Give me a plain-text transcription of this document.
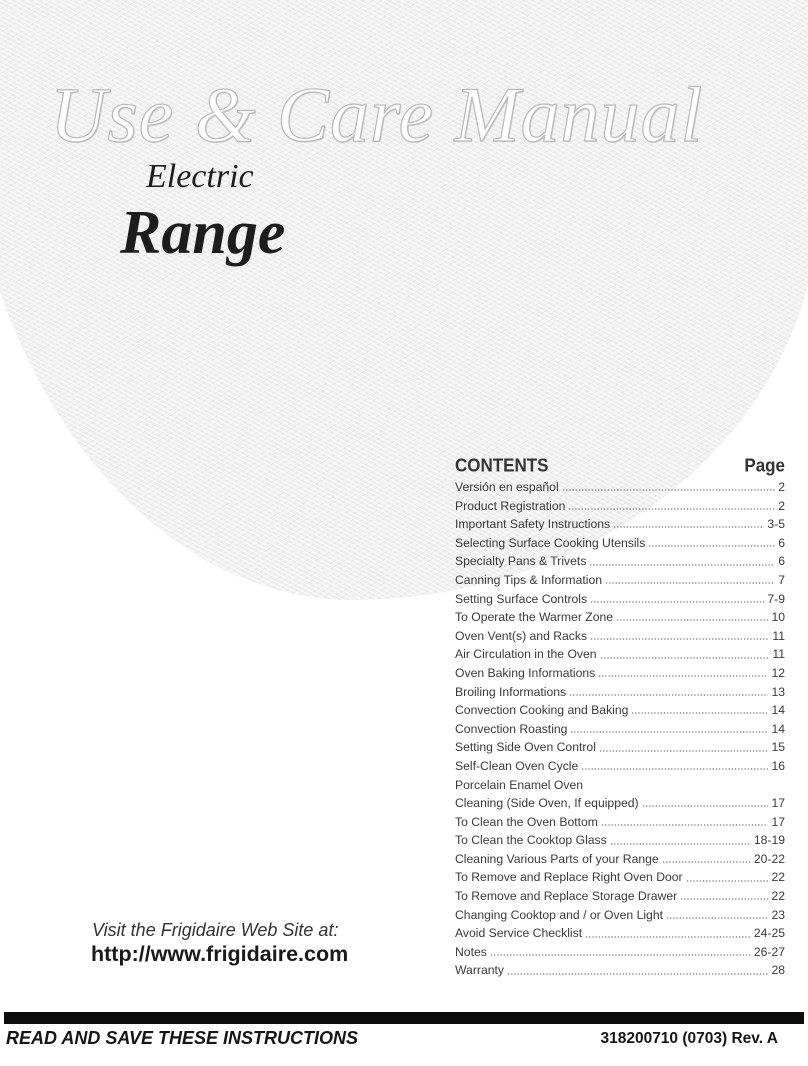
Use & Care Manual
Electric
Range
CONTENTS	Page
Versión en español	2
Product Registration	2
Important Safety Instructions	3-5
Selecting Surface Cooking Utensils	6
Specialty Pans & Trivets	6
Canning Tips & Information	7
Setting Surface Controls	7-9
To Operate the Warmer Zone	10
Oven Vent(s) and Racks	11
Air Circulation in the Oven	11
Oven Baking Informations	12
Broiling Informations	13
Convection Cooking and Baking	14
Convection Roasting	14
Setting Side Oven Control	15
Self-Clean Oven Cycle	16
Porcelain Enamel Oven
Cleaning (Side Oven, If equipped)	17
To Clean the Oven Bottom	17
To Clean the Cooktop Glass	18-19
Cleaning Various Parts of your Range	20-22
To Remove and Replace Right Oven Door	22
To Remove and Replace Storage Drawer	22
Changing Cooktop and / or Oven Light	23
Avoid Service Checklist	24-25
Notes	26-27
Warranty	28
Visit the Frigidaire Web Site at:
http://www.frigidaire.com
READ AND SAVE THESE INSTRUCTIONS	318200710 (0703) Rev. A
